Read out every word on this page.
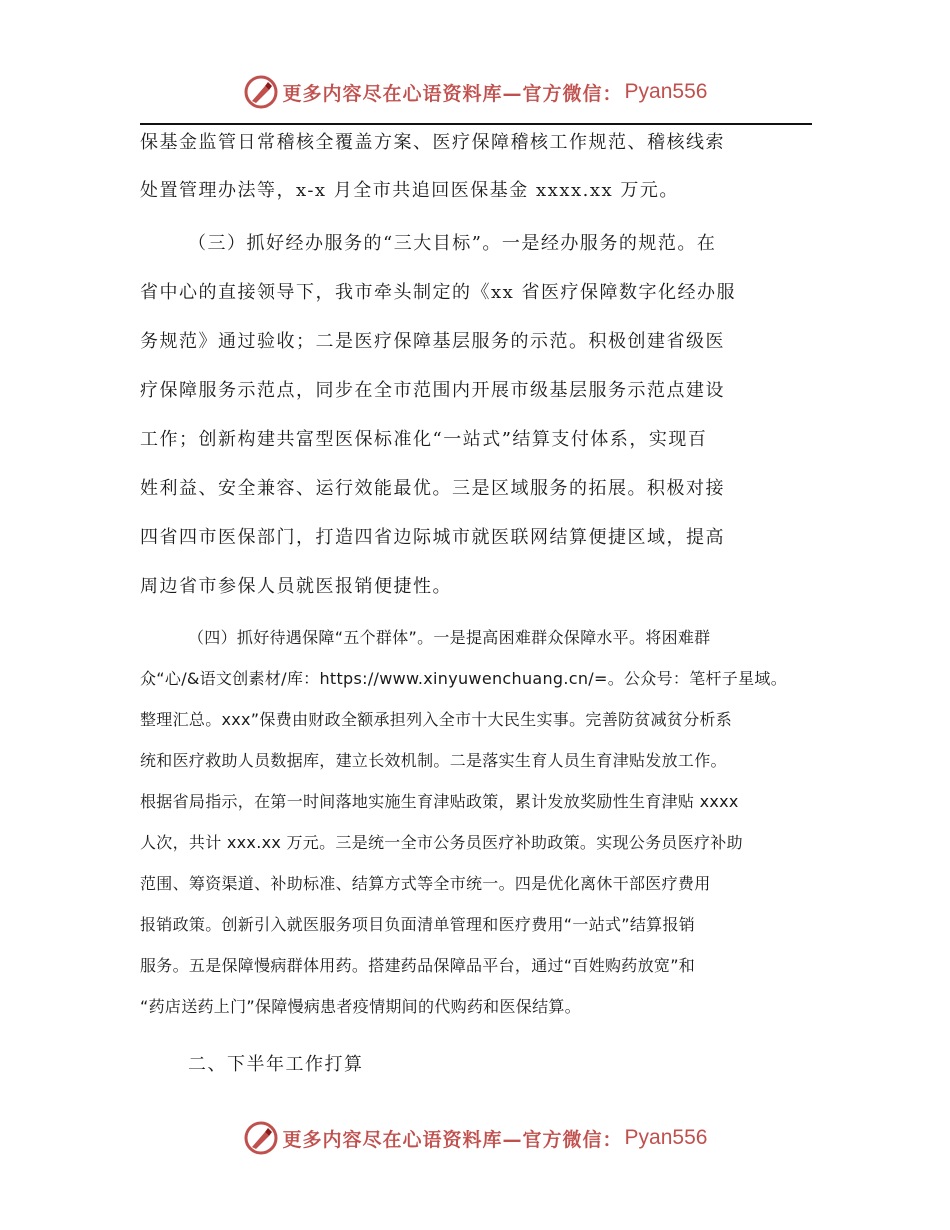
更多内容尽在心语资料库—官方微信： Pyan556
保基金监管日常稽核全覆盖方案、医疗保障稽核工作规范、稽核线索
处置管理办法等，x-x 月全市共追回医保基金 xxxx.xx 万元。
（三）抓好经办服务的“三大目标”。一是经办服务的规范。在
省中心的直接领导下，我市牵头制定的《xx 省医疗保障数字化经办服
务规范》通过验收；二是医疗保障基层服务的示范。积极创建省级医
疗保障服务示范点，同步在全市范围内开展市级基层服务示范点建设
工作；创新构建共富型医保标准化“一站式”结算支付体系，实现百
姓利益、安全兼容、运行效能最优。三是区域服务的拓展。积极对接
四省四市医保部门，打造四省边际城市就医联网结算便捷区域，提高
周边省市参保人员就医报销便捷性。
（四）抓好待遇保障“五个群体”。一是提高困难群众保障水平。将困难群
众“心/&语文创素材/库：https://www.xinyuwenchuang.cn/=。公众号：笔杆子星域。
整理汇总。xxx”保费由财政全额承担列入全市十大民生实事。完善防贫减贫分析系
统和医疗救助人员数据库，建立长效机制。二是落实生育人员生育津贴发放工作。
根据省局指示，在第一时间落地实施生育津贴政策，累计发放奖励性生育津贴 xxxx
人次，共计 xxx.xx 万元。三是统一全市公务员医疗补助政策。实现公务员医疗补助
范围、筹资渠道、补助标准、结算方式等全市统一。四是优化离休干部医疗费用
报销政策。创新引入就医服务项目负面清单管理和医疗费用“一站式”结算报销
服务。五是保障慢病群体用药。搭建药品保障品平台，通过“百姓购药放宽”和
“药店送药上门”保障慢病患者疫情期间的代购药和医保结算。
二、下半年工作打算
更多内容尽在心语资料库—官方微信： Pyan556
